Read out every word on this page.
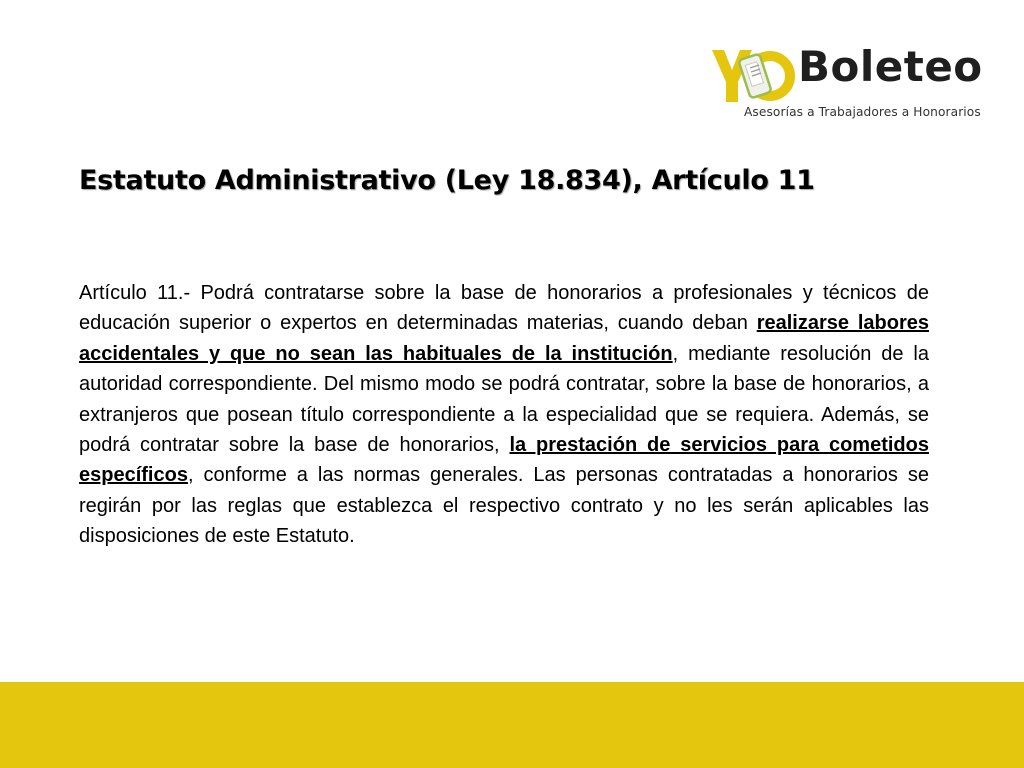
Boleteo
Asesorías a Trabajadores a Honorarios
Estatuto Administrativo (Ley 18.834), Artículo 11

Artículo 11.- Podrá contratarse sobre la base de honorarios a profesionales y técnicos de educación superior o expertos en determinadas materias, cuando deban realizarse labores accidentales y que no sean las habituales de la institución, mediante resolución de la autoridad correspondiente. Del mismo modo se podrá contratar, sobre la base de honorarios, a extranjeros que posean título correspondiente a la especialidad que se requiera. Además, se podrá contratar sobre la base de honorarios, la prestación de servicios para cometidos específicos, conforme a las normas generales. Las personas contratadas a honorarios se regirán por las reglas que establezca el respectivo contrato y no les serán aplicables las disposiciones de este Estatuto.
